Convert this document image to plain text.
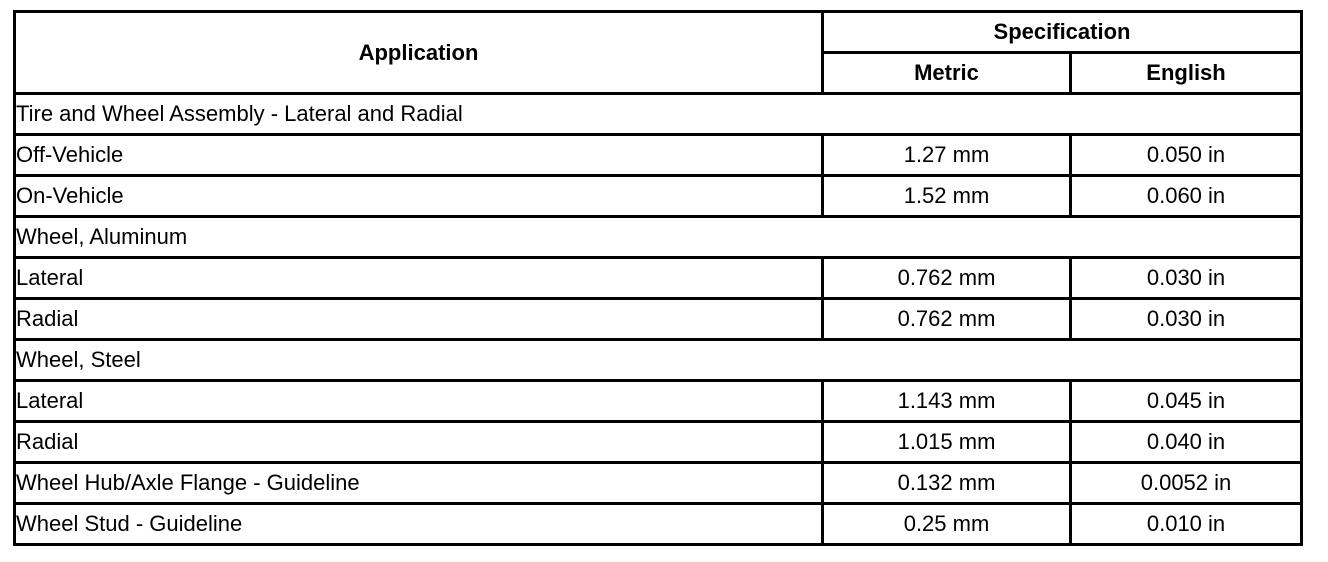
Application	Specification	
	Metric	English
Tire and Wheel Assembly - Lateral and Radial		
Off-Vehicle	1.27 mm	0.050 in
On-Vehicle	1.52 mm	0.060 in
Wheel, Aluminum		
Lateral	0.762 mm	0.030 in
Radial	0.762 mm	0.030 in
Wheel, Steel		
Lateral	1.143 mm	0.045 in
Radial	1.015 mm	0.040 in
Wheel Hub/Axle Flange - Guideline	0.132 mm	0.0052 in
Wheel Stud - Guideline	0.25 mm	0.010 in
